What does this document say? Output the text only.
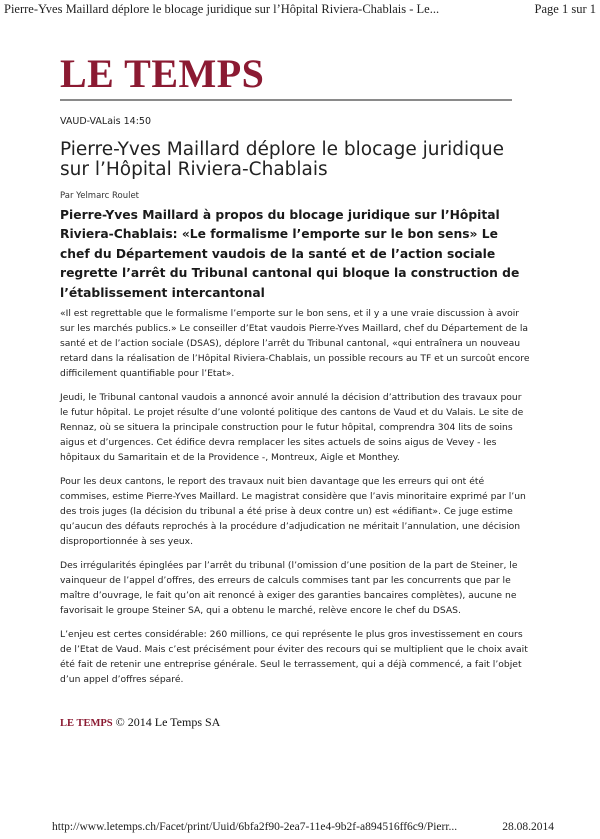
Pierre-Yves Maillard déplore le blocage juridique sur l’Hôpital Riviera-Chablais - Le...	Page 1 sur 1
LE TEMPS
VAUD-VALais 14:50
Pierre-Yves Maillard déplore le blocage juridique sur l’Hôpital Riviera-Chablais
Par Yelmarc Roulet

Pierre-Yves Maillard à propos du blocage juridique sur l’Hôpital Riviera-Chablais: «Le formalisme l’emporte sur le bon sens» Le chef du Département vaudois de la santé et de l’action sociale regrette l’arrêt du Tribunal cantonal qui bloque la construction de l’établissement intercantonal

«Il est regrettable que le formalisme l’emporte sur le bon sens, et il y a une vraie discussion à avoir sur les marchés publics.» Le conseiller d’Etat vaudois Pierre-Yves Maillard, chef du Département de la santé et de l’action sociale (DSAS), déplore l’arrêt du Tribunal cantonal, «qui entraînera un nouveau retard dans la réalisation de l’Hôpital Riviera-Chablais, un possible recours au TF et un surcoût encore difficilement quantifiable pour l’Etat».

Jeudi, le Tribunal cantonal vaudois a annoncé avoir annulé la décision d’attribution des travaux pour le futur hôpital. Le projet résulte d’une volonté politique des cantons de Vaud et du Valais. Le site de Rennaz, où se situera la principale construction pour le futur hôpital, comprendra 304 lits de soins aigus et d’urgences. Cet édifice devra remplacer les sites actuels de soins aigus de Vevey - les hôpitaux du Samaritain et de la Providence -, Montreux, Aigle et Monthey.

Pour les deux cantons, le report des travaux nuit bien davantage que les erreurs qui ont été commises, estime Pierre-Yves Maillard. Le magistrat considère que l’avis minoritaire exprimé par l’un des trois juges (la décision du tribunal a été prise à deux contre un) est «édifiant». Ce juge estime qu’aucun des défauts reprochés à la procédure d’adjudication ne méritait l’annulation, une décision disproportionnée à ses yeux.

Des irrégularités épinglées par l’arrêt du tribunal (l’omission d’une position de la part de Steiner, le vainqueur de l’appel d’offres, des erreurs de calculs commises tant par les concurrents que par le maître d’ouvrage, le fait qu’on ait renoncé à exiger des garanties bancaires complètes), aucune ne favorisait le groupe Steiner SA, qui a obtenu le marché, relève encore le chef du DSAS.

L’enjeu est certes considérable: 260 millions, ce qui représente le plus gros investissement en cours de l’Etat de Vaud. Mais c’est précisément pour éviter des recours qui se multiplient que le choix avait été fait de retenir une entreprise générale. Seul le terrassement, qui a déjà commencé, a fait l’objet d’un appel d’offres séparé.

LE TEMPS © 2014 Le Temps SA
http://www.letemps.ch/Facet/print/Uuid/6bfa2f90-2ea7-11e4-9b2f-a894516ff6c9/Pierr...	28.08.2014
